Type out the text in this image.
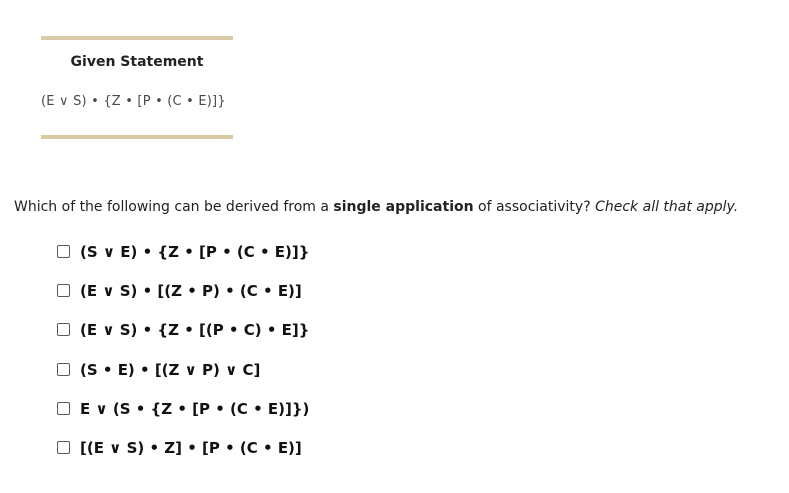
Given Statement
(E ∨ S) • {Z • [P • (C • E)]}
Which of the following can be derived from a single application of associativity? Check all that apply.
(S ∨ E) • {Z • [P • (C • E)]}
(E ∨ S) • [(Z • P) • (C • E)]
(E ∨ S) • {Z • [(P • C) • E]}
(S • E) • [(Z ∨ P) ∨ C]
E ∨ (S • {Z • [P • (C • E)]})
[(E ∨ S) • Z] • [P • (C • E)]
